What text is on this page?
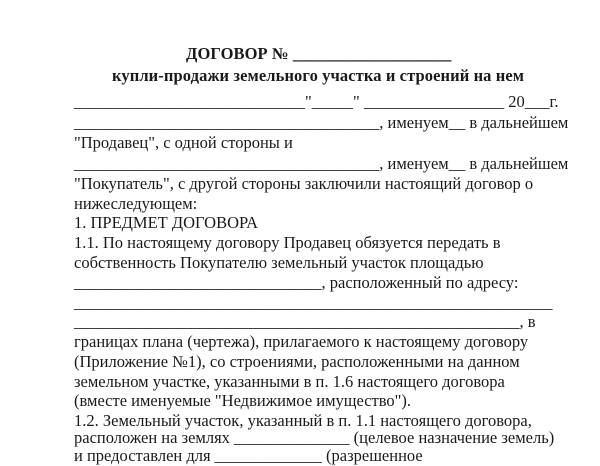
ДОГОВОР № ___________________
купли-продажи земельного участка и строений на нем
____________________________"_____" _________________ 20___г.
_____________________________________, именуем__ в дальнейшем
"Продавец", с одной стороны и
_____________________________________, именуем__ в дальнейшем
"Покупатель", с другой стороны заключили настоящий договор о
нижеследующем:
1. ПРЕДМЕТ ДОГОВОРА
1.1. По настоящему договору Продавец обязуется передать в
собственность Покупателю земельный участок площадью
______________________________, расположенный по адресу:
__________________________________________________________
______________________________________________________, в
границах плана (чертежа), прилагаемого к настоящему договору
(Приложение №1), со строениями, расположенными на данном
земельном участке, указанными в п. 1.6 настоящего договора
(вместе именуемые "Недвижимое имущество").
1.2. Земельный участок, указанный в п. 1.1 настоящего договора,
расположен на землях ______________ (целевое назначение земель)
и предоставлен для _____________ (разрешенное
